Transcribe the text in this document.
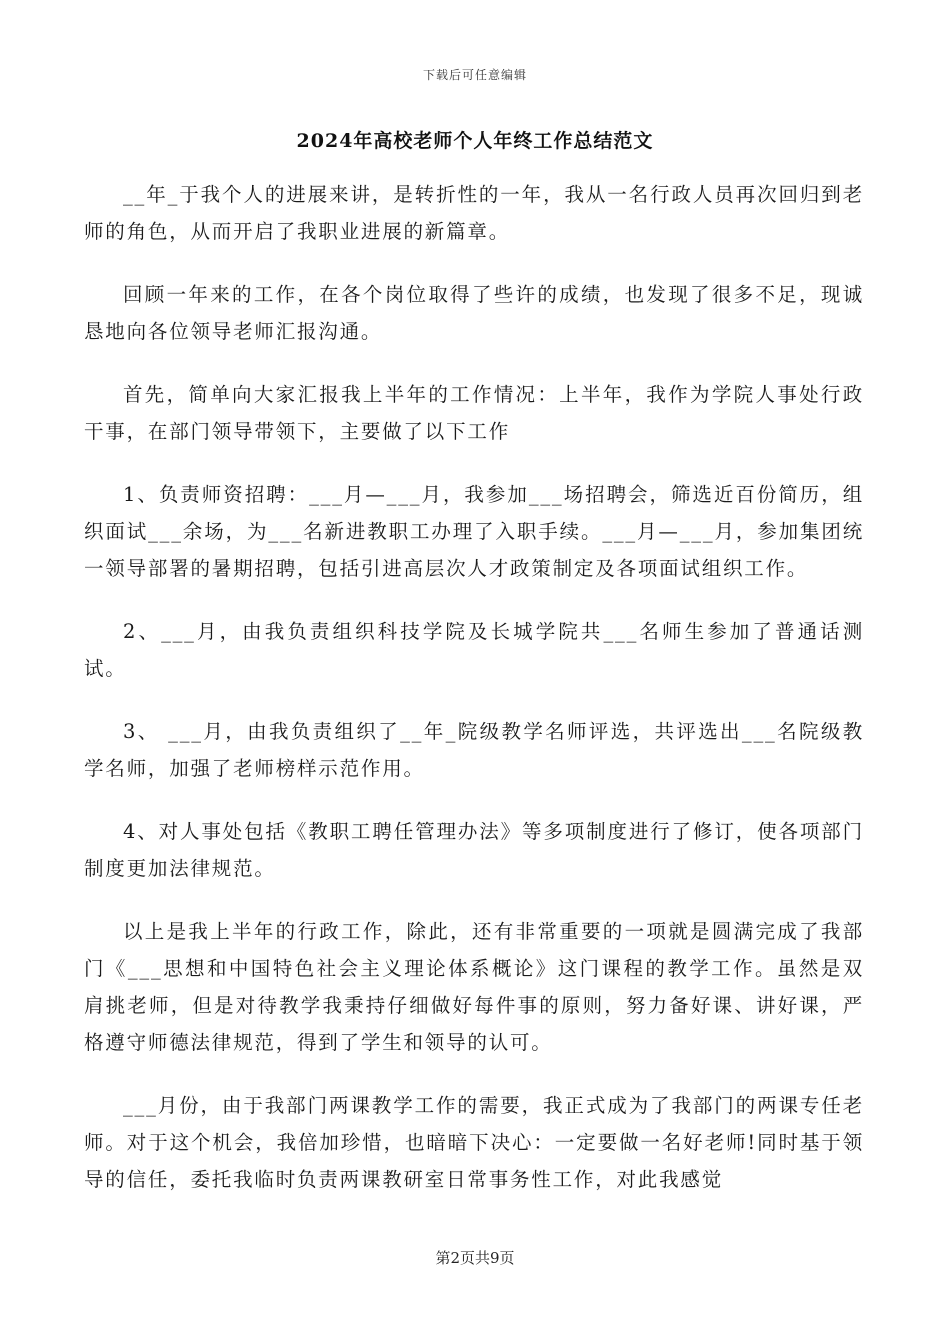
下载后可任意编辑
2024年高校老师个人年终工作总结范文

__年_于我个人的进展来讲，是转折性的一年，我从一名行政人员再次回归到老师的角色，从而开启了我职业进展的新篇章。

回顾一年来的工作，在各个岗位取得了些许的成绩，也发现了很多不足，现诚恳地向各位领导老师汇报沟通。

首先，简单向大家汇报我上半年的工作情况：上半年，我作为学院人事处行政干事，在部门领导带领下，主要做了以下工作

1、负责师资招聘：___月—___月，我参加___场招聘会，筛选近百份简历，组织面试___余场，为___名新进教职工办理了入职手续。___月—___月，参加集团统一领导部署的暑期招聘，包括引进高层次人才政策制定及各项面试组织工作。

2、___月，由我负责组织科技学院及长城学院共___名师生参加了普通话测试。

3、 ___月，由我负责组织了__年_院级教学名师评选，共评选出___名院级教学名师，加强了老师榜样示范作用。

4、对人事处包括《教职工聘任管理办法》等多项制度进行了修订，使各项部门制度更加法律规范。

以上是我上半年的行政工作，除此，还有非常重要的一项就是圆满完成了我部门《___思想和中国特色社会主义理论体系概论》这门课程的教学工作。虽然是双肩挑老师，但是对待教学我秉持仔细做好每件事的原则，努力备好课、讲好课，严格遵守师德法律规范，得到了学生和领导的认可。

___月份，由于我部门两课教学工作的需要，我正式成为了我部门的两课专任老师。对于这个机会，我倍加珍惜，也暗暗下决心：一定要做一名好老师!同时基于领导的信任，委托我临时负责两课教研室日常事务性工作，对此我感觉

第2页共9页
